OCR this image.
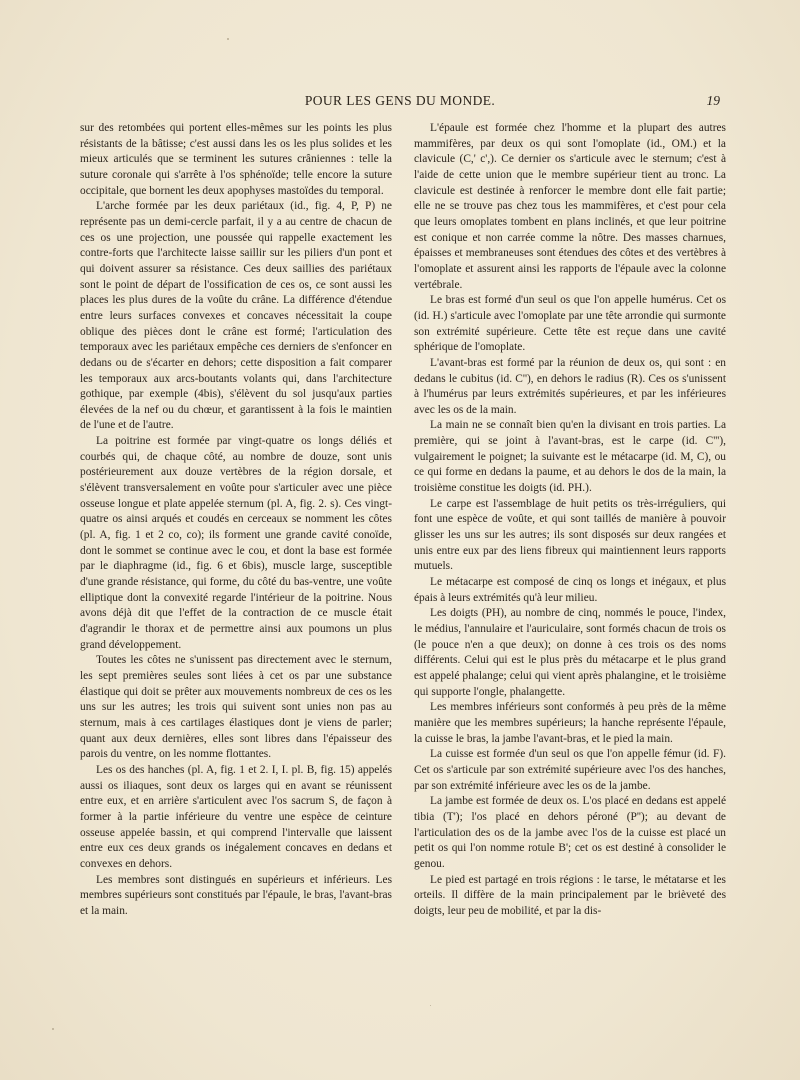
POUR LES GENS DU MONDE.	19

sur des retombées qui portent elles-mêmes sur les points les plus résistants de la bâtisse; c'est aussi dans les os les plus solides et les mieux articulés que se terminent les sutures crâniennes : telle la suture coronale qui s'arrête à l'os sphénoïde; telle encore la suture occipitale, que bornent les deux apophyses mastoïdes du temporal.

L'arche formée par les deux pariétaux (id., fig. 4, P, P) ne représente pas un demi-cercle parfait, il y a au centre de chacun de ces os une projection, une poussée qui rappelle exactement les contre-forts que l'architecte laisse saillir sur les piliers d'un pont et qui doivent assurer sa résistance. Ces deux saillies des pariétaux sont le point de départ de l'ossification de ces os, ce sont aussi les places les plus dures de la voûte du crâne. La différence d'étendue entre leurs surfaces convexes et concaves nécessitait la coupe oblique des pièces dont le crâne est formé; l'articulation des temporaux avec les pariétaux empêche ces derniers de s'enfoncer en dedans ou de s'écarter en dehors; cette disposition a fait comparer les temporaux aux arcs-boutants volants qui, dans l'architecture gothique, par exemple (4bis), s'élèvent du sol jusqu'aux parties élevées de la nef ou du chœur, et garantissent à la fois le maintien de l'une et de l'autre.

La poitrine est formée par vingt-quatre os longs déliés et courbés qui, de chaque côté, au nombre de douze, sont unis postérieurement aux douze vertèbres de la région dorsale, et s'élèvent transversalement en voûte pour s'articuler avec une pièce osseuse longue et plate appelée sternum (pl. A, fig. 2. s). Ces vingt-quatre os ainsi arqués et coudés en cerceaux se nomment les côtes (pl. A, fig. 1 et 2 co, co); ils forment une grande cavité conoïde, dont le sommet se continue avec le cou, et dont la base est formée par le diaphragme (id., fig. 6 et 6bis), muscle large, susceptible d'une grande résistance, qui forme, du côté du bas-ventre, une voûte elliptique dont la convexité regarde l'intérieur de la poitrine. Nous avons déjà dit que l'effet de la contraction de ce muscle était d'agrandir le thorax et de permettre ainsi aux poumons un plus grand développement.

Toutes les côtes ne s'unissent pas directement avec le sternum, les sept premières seules sont liées à cet os par une substance élastique qui doit se prêter aux mouvements nombreux de ces os les uns sur les autres; les trois qui suivent sont unies non pas au sternum, mais à ces cartilages élastiques dont je viens de parler; quant aux deux dernières, elles sont libres dans l'épaisseur des parois du ventre, on les nomme flottantes.

Les os des hanches (pl. A, fig. 1 et 2. I, I. pl. B, fig. 15) appelés aussi os iliaques, sont deux os larges qui en avant se réunissent entre eux, et en arrière s'articulent avec l'os sacrum S, de façon à former à la partie inférieure du ventre une espèce de ceinture osseuse appelée bassin, et qui comprend l'intervalle que laissent entre eux ces deux grands os inégalement concaves en dedans et convexes en dehors.

Les membres sont distingués en supérieurs et inférieurs. Les membres supérieurs sont constitués par l'épaule, le bras, l'avant-bras et la main.

L'épaule est formée chez l'homme et la plupart des autres mammifères, par deux os qui sont l'omoplate (id., OM.) et la clavicule (C,' c',). Ce dernier os s'articule avec le sternum; c'est à l'aide de cette union que le membre supérieur tient au tronc. La clavicule est destinée à renforcer le membre dont elle fait partie; elle ne se trouve pas chez tous les mammifères, et c'est pour cela que leurs omoplates tombent en plans inclinés, et que leur poitrine est conique et non carrée comme la nôtre. Des masses charnues, épaisses et membraneuses sont étendues des côtes et des vertèbres à l'omoplate et assurent ainsi les rapports de l'épaule avec la colonne vertébrale.

Le bras est formé d'un seul os que l'on appelle humérus. Cet os (id. H.) s'articule avec l'omoplate par une tête arrondie qui surmonte son extrémité supérieure. Cette tête est reçue dans une cavité sphérique de l'omoplate.

L'avant-bras est formé par la réunion de deux os, qui sont : en dedans le cubitus (id. C''), en dehors le radius (R). Ces os s'unissent à l'humérus par leurs extrémités supérieures, et par les inférieures avec les os de la main.

La main ne se connaît bien qu'en la divisant en trois parties. La première, qui se joint à l'avant-bras, est le carpe (id. C'''), vulgairement le poignet; la suivante est le métacarpe (id. M, C), ou ce qui forme en dedans la paume, et au dehors le dos de la main, la troisième constitue les doigts (id. PH.).

Le carpe est l'assemblage de huit petits os très-irréguliers, qui font une espèce de voûte, et qui sont taillés de manière à pouvoir glisser les uns sur les autres; ils sont disposés sur deux rangées et unis entre eux par des liens fibreux qui maintiennent leurs rapports mutuels.

Le métacarpe est composé de cinq os longs et inégaux, et plus épais à leurs extrémités qu'à leur milieu.

Les doigts (PH), au nombre de cinq, nommés le pouce, l'index, le médius, l'annulaire et l'auriculaire, sont formés chacun de trois os (le pouce n'en a que deux); on donne à ces trois os des noms différents. Celui qui est le plus près du métacarpe et le plus grand est appelé phalange; celui qui vient après phalangine, et le troisième qui supporte l'ongle, phalangette.

Les membres inférieurs sont conformés à peu près de la même manière que les membres supérieurs; la hanche représente l'épaule, la cuisse le bras, la jambe l'avant-bras, et le pied la main.

La cuisse est formée d'un seul os que l'on appelle fémur (id. F). Cet os s'articule par son extrémité supérieure avec l'os des hanches, par son extrémité inférieure avec les os de la jambe.

La jambe est formée de deux os. L'os placé en dedans est appelé tibia (T'); l'os placé en dehors péroné (P''); au devant de l'articulation des os de la jambe avec l'os de la cuisse est placé un petit os qui l'on nomme rotule B'; cet os est destiné à consolider le genou.

Le pied est partagé en trois régions : le tarse, le métatarse et les orteils. Il diffère de la main principalement par le brièveté des doigts, leur peu de mobilité, et par la dis-
